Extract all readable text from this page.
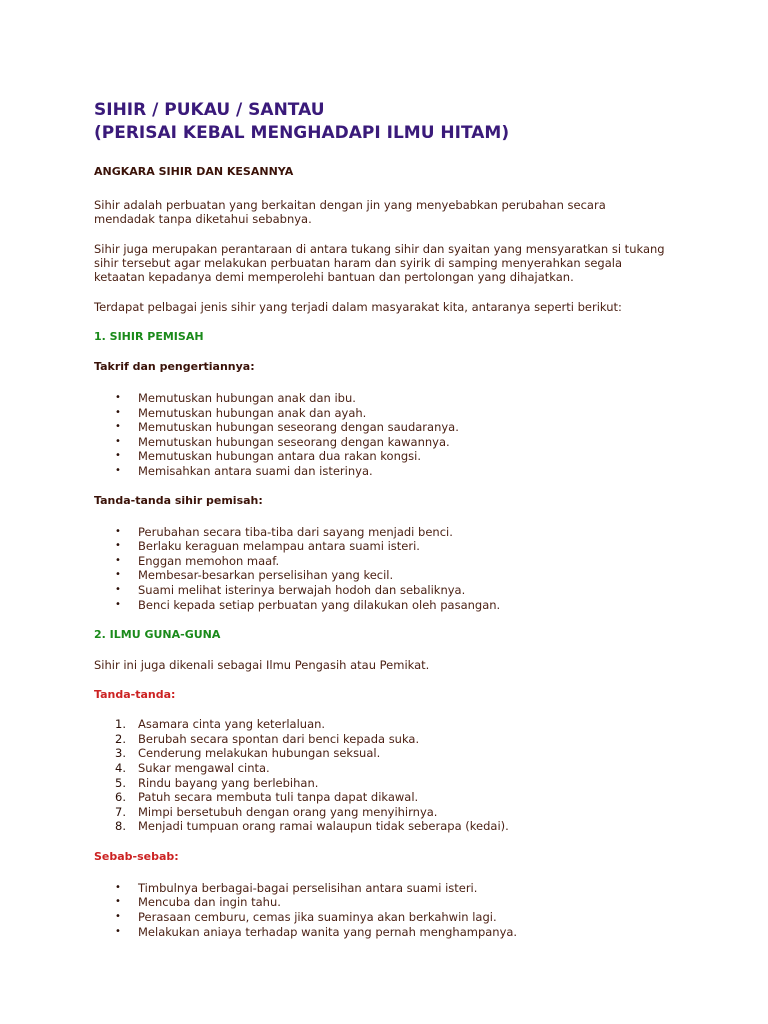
SIHIR / PUKAU / SANTAU
(PERISAI KEBAL MENGHADAPI ILMU HITAM)
ANGKARA SIHIR DAN KESANNYA

Sihir adalah perbuatan yang berkaitan dengan jin yang menyebabkan perubahan secara
mendadak tanpa diketahui sebabnya.

Sihir juga merupakan perantaraan di antara tukang sihir dan syaitan yang mensyaratkan si tukang
sihir tersebut agar melakukan perbuatan haram dan syirik di samping menyerahkan segala
ketaatan kepadanya demi memperolehi bantuan dan pertolongan yang dihajatkan.

Terdapat pelbagai jenis sihir yang terjadi dalam masyarakat kita, antaranya seperti berikut:

1. SIHIR PEMISAH
Takrif dan pengertiannya:
• Memutuskan hubungan anak dan ibu.
• Memutuskan hubungan anak dan ayah.
• Memutuskan hubungan seseorang dengan saudaranya.
• Memutuskan hubungan seseorang dengan kawannya.
• Memutuskan hubungan antara dua rakan kongsi.
• Memisahkan antara suami dan isterinya.
Tanda-tanda sihir pemisah:
• Perubahan secara tiba-tiba dari sayang menjadi benci.
• Berlaku keraguan melampau antara suami isteri.
• Enggan memohon maaf.
• Membesar-besarkan perselisihan yang kecil.
• Suami melihat isterinya berwajah hodoh dan sebaliknya.
• Benci kepada setiap perbuatan yang dilakukan oleh pasangan.
2. ILMU GUNA-GUNA

Sihir ini juga dikenali sebagai Ilmu Pengasih atau Pemikat.

Tanda-tanda:
1. Asamara cinta yang keterlaluan.
2. Berubah secara spontan dari benci kepada suka.
3. Cenderung melakukan hubungan seksual.
4. Sukar mengawal cinta.
5. Rindu bayang yang berlebihan.
6. Patuh secara membuta tuli tanpa dapat dikawal.
7. Mimpi bersetubuh dengan orang yang menyihirnya.
8. Menjadi tumpuan orang ramai walaupun tidak seberapa (kedai).
Sebab-sebab:
• Timbulnya berbagai-bagai perselisihan antara suami isteri.
• Mencuba dan ingin tahu.
• Perasaan cemburu, cemas jika suaminya akan berkahwin lagi.
• Melakukan aniaya terhadap wanita yang pernah menghampanya.
